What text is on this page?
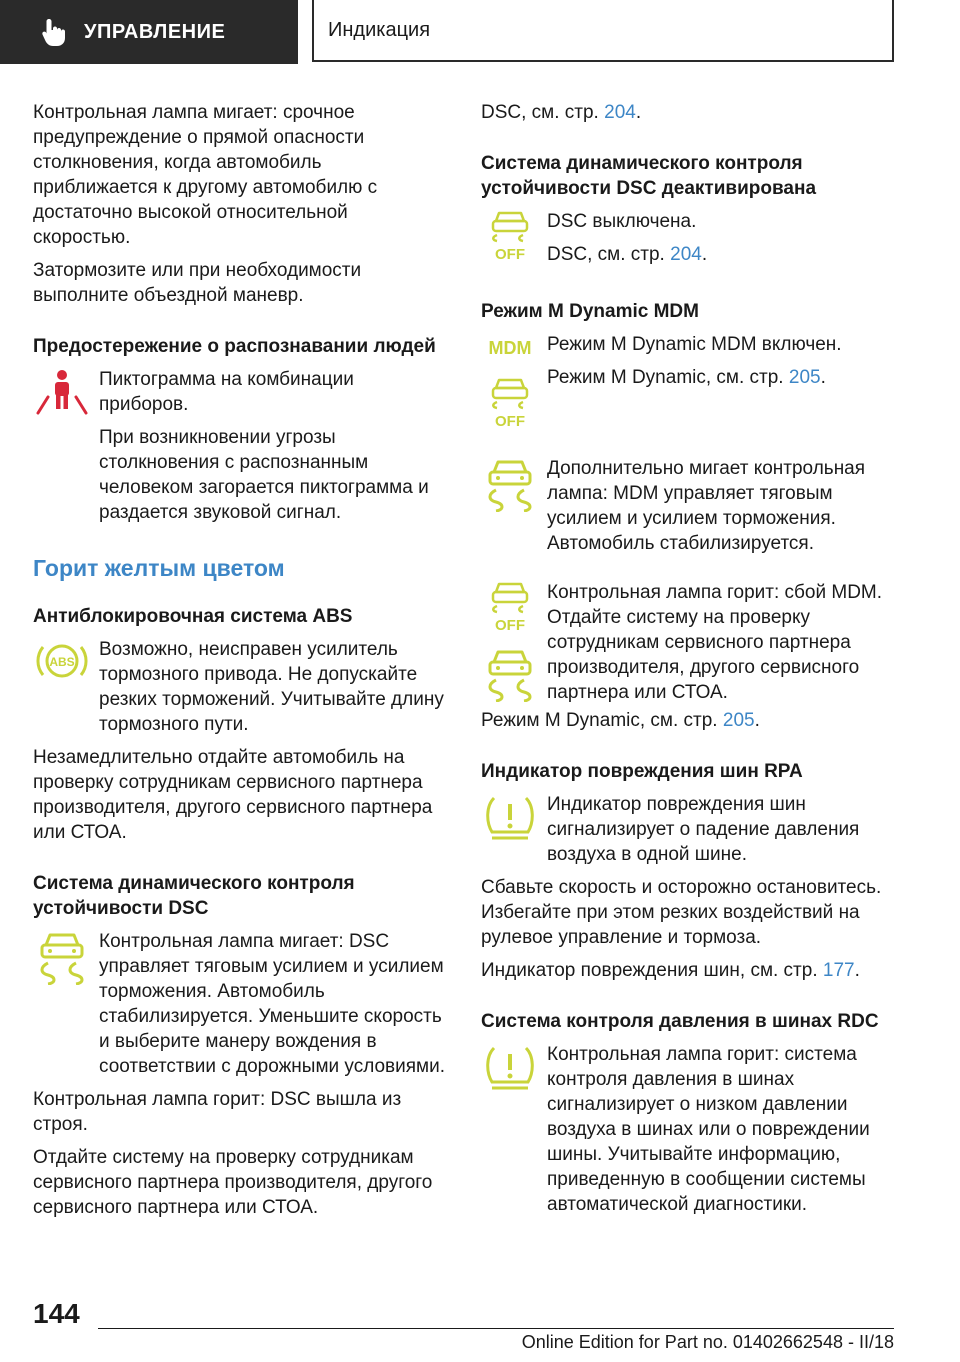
УПРАВЛЕНИЕ	Индикация

Контрольная лампа мигает: срочное предупреждение о прямой опасности столкновения, когда автомобиль приближается к другому автомобилю с достаточно высокой относительной скоростью.

Затормозите или при необходимости выполните объездной маневр.

Предостережение о распознавании людей

Пиктограмма на комбинации приборов.

При возникновении угрозы столкновения с распознанным человеком загорается пиктограмма и раздается звуковой сигнал.

Горит желтым цветом
Антиблокировочная система ABS
ABS

Возможно, неисправен усилитель тормозного привода. Не допускайте резких торможений. Учитывайте длину тормозного пути.

Незамедлительно отдайте автомобиль на проверку сотрудникам сервисного партнера производителя, другого сервисного партнера или СТОА.

Система динамического контроля устойчивости DSC

Контрольная лампа мигает: DSC управляет тяговым усилием и усилием торможения. Автомобиль стабилизируется. Уменьшите скорость и выберите манеру вождения в соответствии с дорожными условиями.

Контрольная лампа горит: DSC вышла из строя.

Отдайте систему на проверку сотрудникам сервисного партнера производителя, другого сервисного партнера или СТОА.

DSC, см. стр. 204.

Система динамического контроля устойчивости DSC деактивирована
OFF

DSC выключена.

DSC, см. стр. 204.

Режим M Dynamic MDM
MDM
OFF

Режим M Dynamic MDM включен.

Режим M Dynamic, см. стр. 205.

Дополнительно мигает контрольная лампа: MDM управляет тяговым усилием и усилием торможения. Автомобиль стабилизируется.

OFF

Контрольная лампа горит: сбой MDM. Отдайте систему на проверку сотрудникам сервисного партнера производителя, другого сервисного партнера или СТОА.

Режим M Dynamic, см. стр. 205.

Индикатор повреждения шин RPA

Индикатор повреждения шин сигнализирует о падение давления воздуха в одной шине.

Сбавьте скорость и осторожно остановитесь. Избегайте при этом резких воздействий на рулевое управление и тормоза.

Индикатор повреждения шин, см. стр. 177.

Система контроля давления в шинах RDC

Контрольная лампа горит: система контроля давления в шинах сигнализирует о низком давлении воздуха в шинах или о повреждении шины. Учитывайте информацию, приведенную в сообщении системы автоматической диагностики.

144
Online Edition for Part no. 01402662548 - II/18
